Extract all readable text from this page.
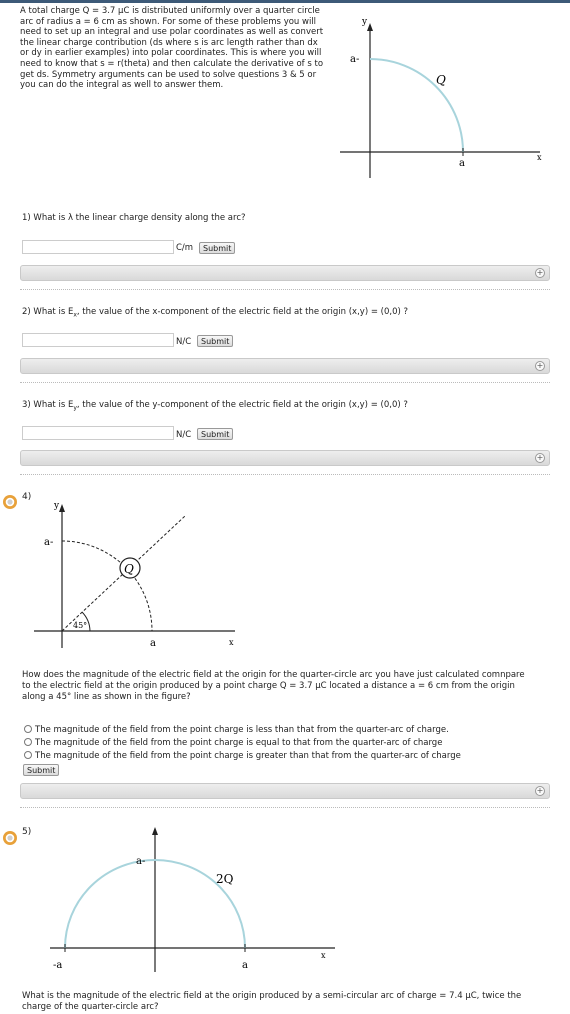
A total charge Q = 3.7 μC is distributed uniformly over a quarter circle
arc of radius a = 6 cm as shown. For some of these problems you will
need to set up an integral and use polar coordinates as well as convert
the linear charge contribution (ds where s is arc length rather than dx
or dy in earlier examples) into polar coordinates. This is where you will
need to know that s = r(theta) and then calculate the derivative of s to
get ds. Symmetry arguments can be used to solve questions 3 & 5 or
you can do the integral as well to answer them.
y
a-
a
x
Q
1) What is λ the linear charge density along the arc?
C/m	Submit
+
2) What is $E_x$, the value of the x-component of the electric field at the origin (x,y) = (0,0) ?
N/C	Submit
+
3) What is $E_y$, the value of the y-component of the electric field at the origin (x,y) = (0,0) ?
N/C	Submit
+
4)
Q
y
a-
a	x
45°
How does the magnitude of the electric field at the origin for the quarter-circle arc you have just calculated comnpare
to the electric field at the origin produced by a point charge Q = 3.7 μC located a distance a = 6 cm from the origin
along a 45° line as shown in the figure?
The magnitude of the field from the point charge is less than that from the quarter-arc of charge.
The magnitude of the field from the point charge is equal to that from the quarter-arc of charge
The magnitude of the field from the point charge is greater than that from the quarter-arc of charge
Submit
+
5)
a-
-a	a
x
2Q
What is the magnitude of the electric field at the origin produced by a semi-circular arc of charge = 7.4 μC, twice the
charge of the quarter-circle arc?
